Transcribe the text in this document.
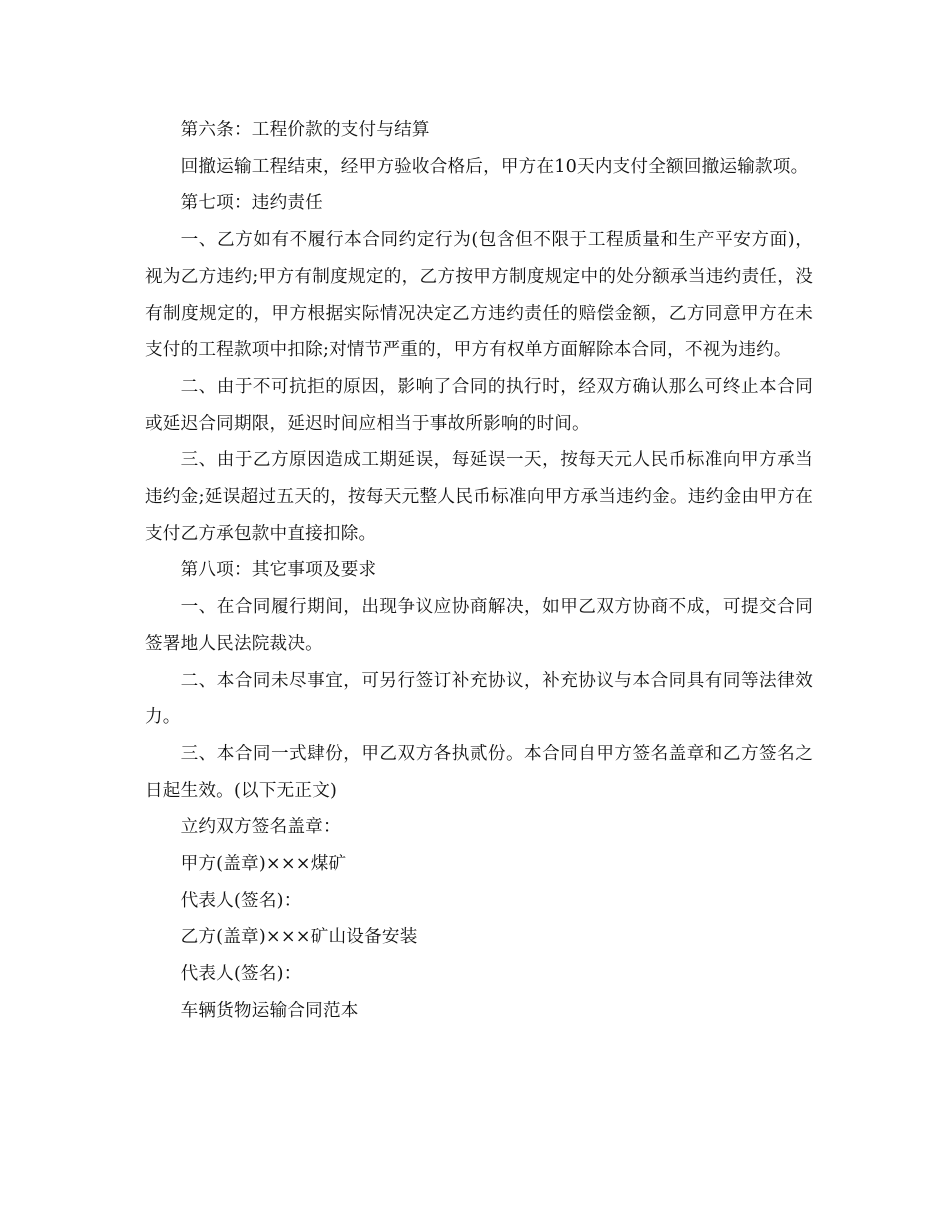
第六条：工程价款的支付与结算

回撤运输工程结束，经甲方验收合格后，甲方在10天内支付全额回撤运输款项。

第七项：违约责任

一、乙方如有不履行本合同约定行为(包含但不限于工程质量和生产平安方面)，视为乙方违约;甲方有制度规定的，乙方按甲方制度规定中的处分额承当违约责任，没有制度规定的，甲方根据实际情况决定乙方违约责任的赔偿金额，乙方同意甲方在未支付的工程款项中扣除;对情节严重的，甲方有权单方面解除本合同，不视为违约。

二、由于不可抗拒的原因，影响了合同的执行时，经双方确认那么可终止本合同或延迟合同期限，延迟时间应相当于事故所影响的时间。

三、由于乙方原因造成工期延误，每延误一天，按每天元人民币标准向甲方承当违约金;延误超过五天的，按每天元整人民币标准向甲方承当违约金。违约金由甲方在支付乙方承包款中直接扣除。

第八项：其它事项及要求

一、在合同履行期间，出现争议应协商解决，如甲乙双方协商不成，可提交合同签署地人民法院裁决。

二、本合同未尽事宜，可另行签订补充协议，补充协议与本合同具有同等法律效力。

三、本合同一式肆份，甲乙双方各执贰份。本合同自甲方签名盖章和乙方签名之日起生效。(以下无正文)

立约双方签名盖章：

甲方(盖章)×××煤矿

代表人(签名)：

乙方(盖章)×××矿山设备安装

代表人(签名)：

车辆货物运输合同范本
